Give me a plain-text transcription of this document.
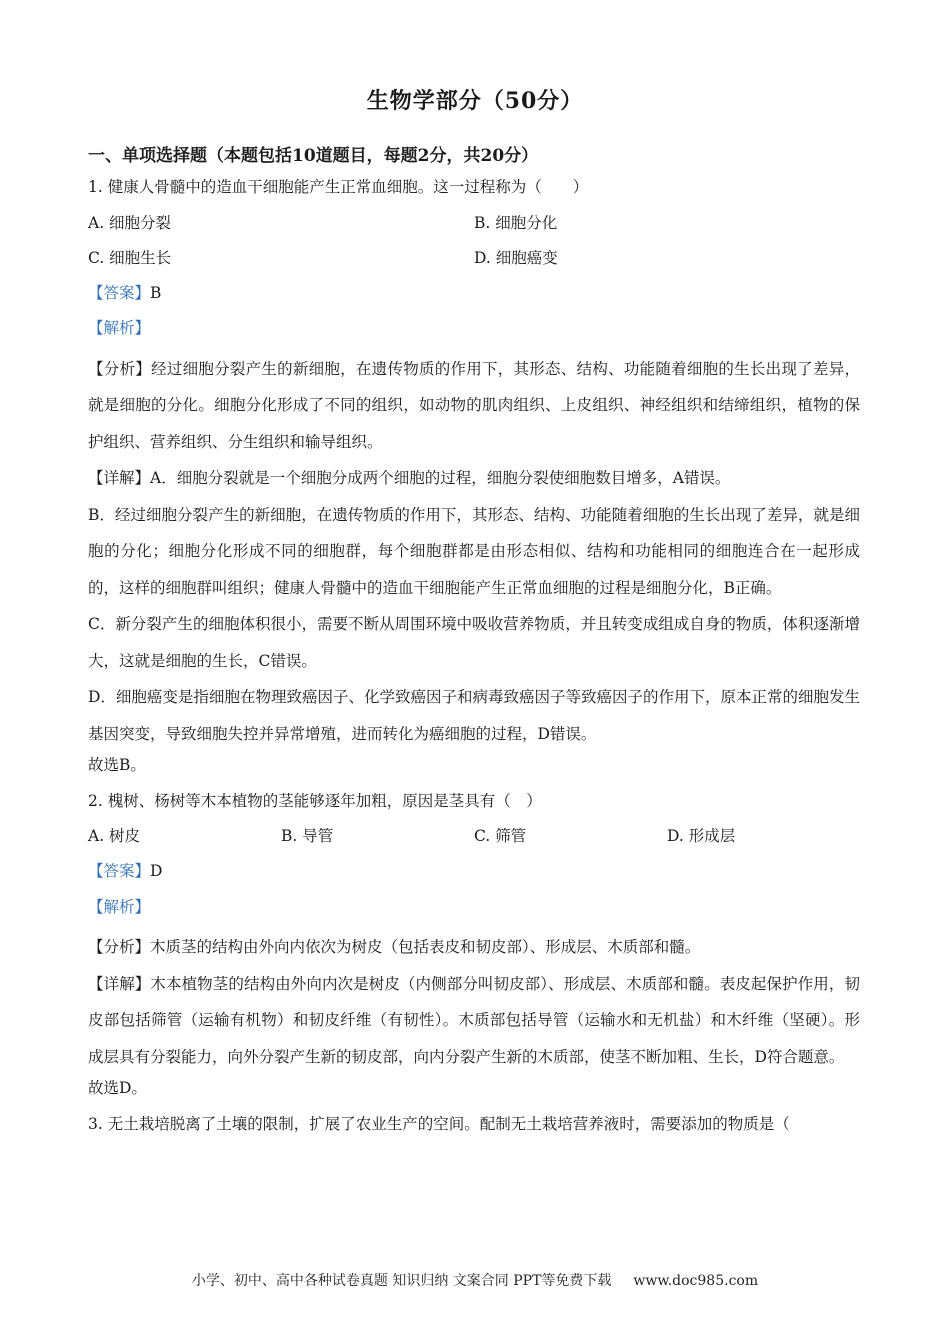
生物学部分（50分）
一、单项选择题（本题包括10道题目，每题2分，共20分）
1. 健康人骨髓中的造血干细胞能产生正常血细胞。这一过程称为（　　）
A. 细胞分裂	B. 细胞分化
C. 细胞生长	D. 细胞癌变
【答案】B
【解析】

【分析】经过细胞分裂产生的新细胞，在遗传物质的作用下，其形态、结构、功能随着细胞的生长出现了差异，就是细胞的分化。细胞分化形成了不同的组织，如动物的肌肉组织、上皮组织、神经组织和结缔组织，植物的保护组织、营养组织、分生组织和输导组织。

【详解】A．细胞分裂就是一个细胞分成两个细胞的过程，细胞分裂使细胞数目增多，A错误。

B．经过细胞分裂产生的新细胞，在遗传物质的作用下，其形态、结构、功能随着细胞的生长出现了差异，就是细胞的分化；细胞分化形成不同的细胞群，每个细胞群都是由形态相似、结构和功能相同的细胞连合在一起形成的，这样的细胞群叫组织；健康人骨髓中的造血干细胞能产生正常血细胞的过程是细胞分化，B正确。

C．新分裂产生的细胞体积很小，需要不断从周围环境中吸收营养物质，并且转变成组成自身的物质，体积逐渐增大，这就是细胞的生长，C错误。

D．细胞癌变是指细胞在物理致癌因子、化学致癌因子和病毒致癌因子等致癌因子的作用下，原本正常的细胞发生基因突变，导致细胞失控并异常增殖，进而转化为癌细胞的过程，D错误。

故选B。
2. 槐树、杨树等木本植物的茎能够逐年加粗，原因是茎具有（　）
A. 树皮	B. 导管	C. 筛管	D. 形成层
【答案】D
【解析】

【分析】木质茎的结构由外向内依次为树皮（包括表皮和韧皮部）、形成层、木质部和髓。

【详解】木本植物茎的结构由外向内次是树皮（内侧部分叫韧皮部）、形成层、木质部和髓。表皮起保护作用，韧皮部包括筛管（运输有机物）和韧皮纤维（有韧性）。木质部包括导管（运输水和无机盐）和木纤维（坚硬）。形成层具有分裂能力，向外分裂产生新的韧皮部，向内分裂产生新的木质部，使茎不断加粗、生长，D符合题意。

故选D。
3. 无土栽培脱离了土壤的限制，扩展了农业生产的空间。配制无土栽培营养液时，需要添加的物质是（
小学、初中、高中各种试卷真题 知识归纳 文案合同 PPT等免费下载 www.doc985.com
